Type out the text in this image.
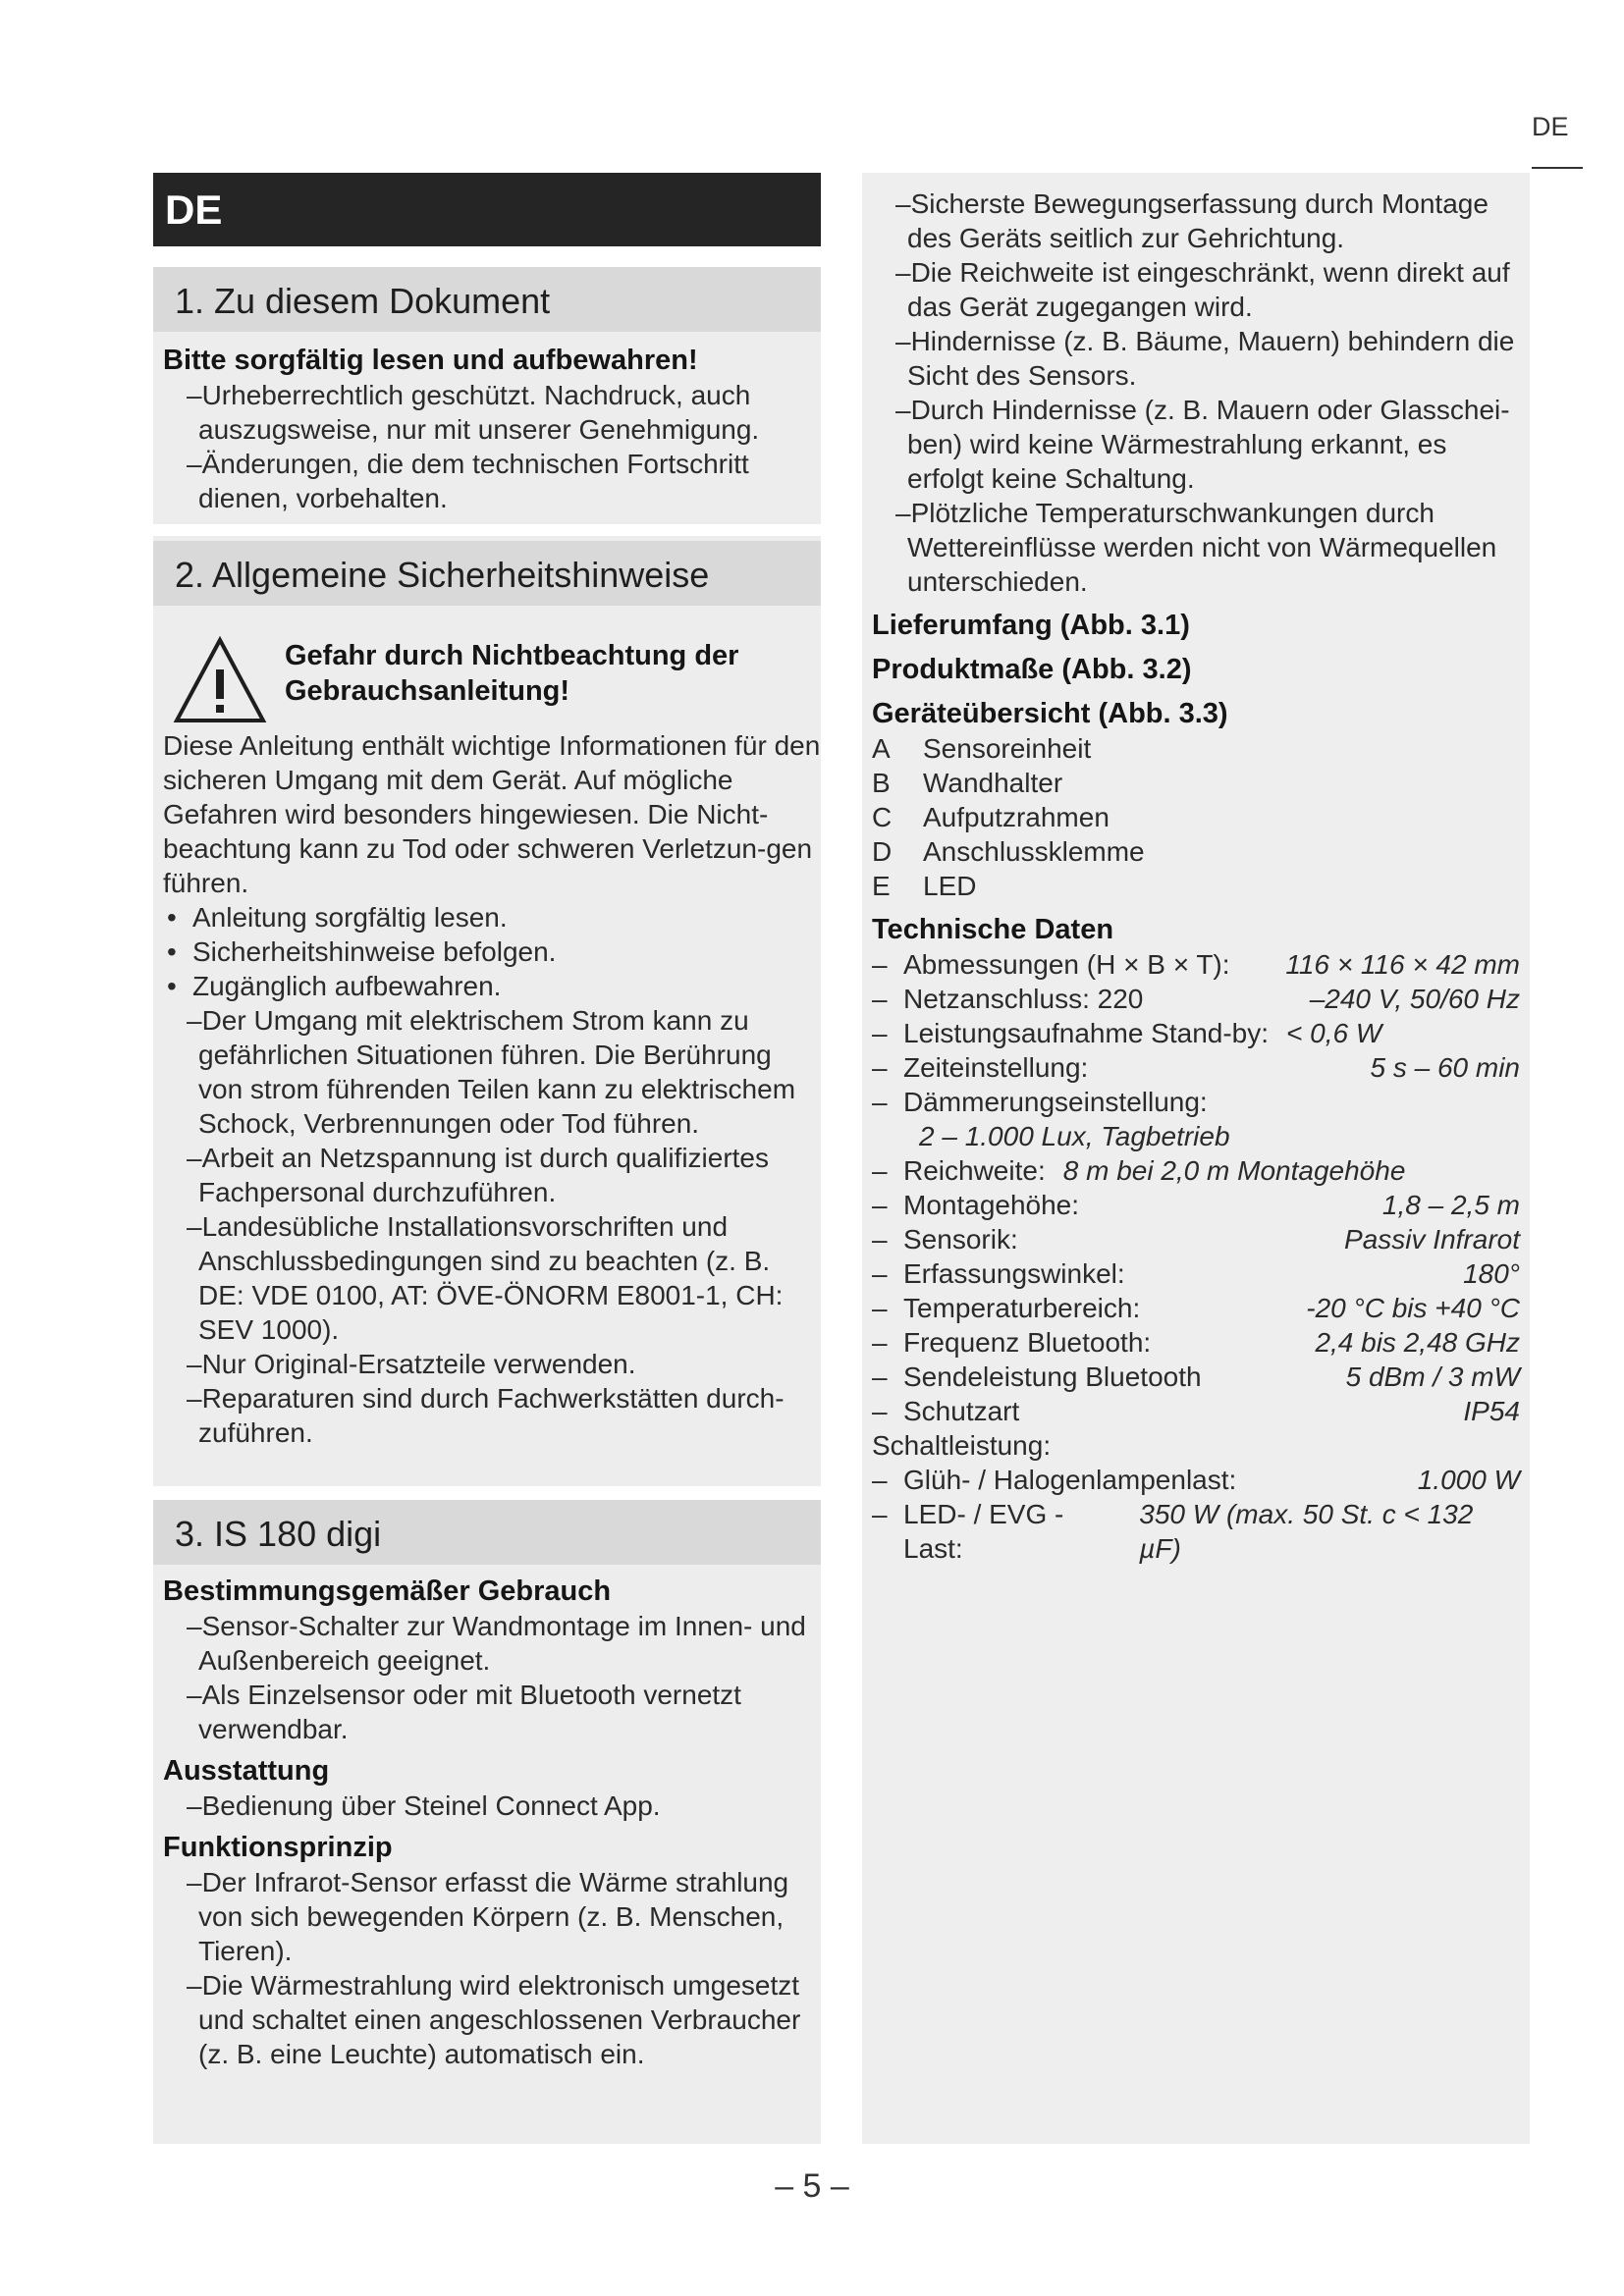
DE
DE
1. Zu diesem Dokument
Bitte sorgfältig lesen und aufbewahren!
–Urheberrechtlich geschützt. Nachdruck, auch auszugsweise, nur mit unserer Genehmigung.
–Änderungen, die dem technischen Fortschritt dienen, vorbehalten.
2. Allgemeine Sicherheitshinweise
Gefahr durch Nichtbeachtung der Gebrauchsanleitung!
Diese Anleitung enthält wichtige Informationen für den sicheren Umgang mit dem Gerät. Auf mögliche Gefahren wird besonders hingewiesen. Die Nicht-beachtung kann zu Tod oder schweren Verletzun-gen führen.
• Anleitung sorgfältig lesen.
• Sicherheitshinweise befolgen.
• Zugänglich aufbewahren.
–Der Umgang mit elektrischem Strom kann zu gefährlichen Situationen führen. Die Berührung von strom führenden Teilen kann zu elektrischem Schock, Verbrennungen oder Tod führen.
–Arbeit an Netzspannung ist durch qualifiziertes Fachpersonal durchzuführen.
–Landesübliche Installationsvorschriften und Anschlussbedingungen sind zu beachten (z. B. DE: VDE 0100, AT: ÖVE-ÖNORM E8001-1, CH: SEV 1000).
–Nur Original-Ersatzteile verwenden.
–Reparaturen sind durch Fachwerkstätten durch-zuführen.
3. IS 180 digi
Bestimmungsgemäßer Gebrauch
–Sensor-Schalter zur Wandmontage im Innen- und Außenbereich geeignet.
–Als Einzelsensor oder mit Bluetooth vernetzt verwendbar.
Ausstattung
–Bedienung über Steinel Connect App.
Funktionsprinzip
–Der Infrarot-Sensor erfasst die Wärme strahlung von sich bewegenden Körpern (z. B. Menschen, Tieren).
–Die Wärmestrahlung wird elektronisch umgesetzt und schaltet einen angeschlossenen Verbraucher (z. B. eine Leuchte) automatisch ein.
–Sicherste Bewegungserfassung durch Montage des Geräts seitlich zur Gehrichtung.
–Die Reichweite ist eingeschränkt, wenn direkt auf das Gerät zugegangen wird.
–Hindernisse (z. B. Bäume, Mauern) behindern die Sicht des Sensors.
–Durch Hindernisse (z. B. Mauern oder Glasschei-ben) wird keine Wärmestrahlung erkannt, es erfolgt keine Schaltung.
–Plötzliche Temperaturschwankungen durch Wettereinflüsse werden nicht von Wärmequellen unterschieden.
Lieferumfang (Abb. 3.1)
Produktmaße (Abb. 3.2)
Geräteübersicht (Abb. 3.3)
A	Sensoreinheit
B	Wandhalter
C	Aufputzrahmen
D	Anschlussklemme
E	LED
Technische Daten
– Abmessungen (H × B × T):	116 × 116 × 42 mm
– Netzanschluss: 220	–240 V, 50/60 Hz
– Leistungsaufnahme Stand-by: < 0,6 W
– Zeiteinstellung:	5 s – 60 min
– Dämmerungseinstellung:
2 – 1.000 Lux, Tagbetrieb
– Reichweite: 8 m bei 2,0 m Montagehöhe
– Montagehöhe:	1,8 – 2,5 m
– Sensorik:	Passiv Infrarot
– Erfassungswinkel:	180°
– Temperaturbereich:	-20 °C bis +40 °C
– Frequenz Bluetooth:	2,4 bis 2,48 GHz
– Sendeleistung Bluetooth	5 dBm / 3 mW
– Schutzart	IP54
Schaltleistung:
– Glüh- / Halogenlampenlast:	1.000 W
– LED- / EVG - Last:
350 W (max. 50 St. c < 132 µF)
– 5 –
